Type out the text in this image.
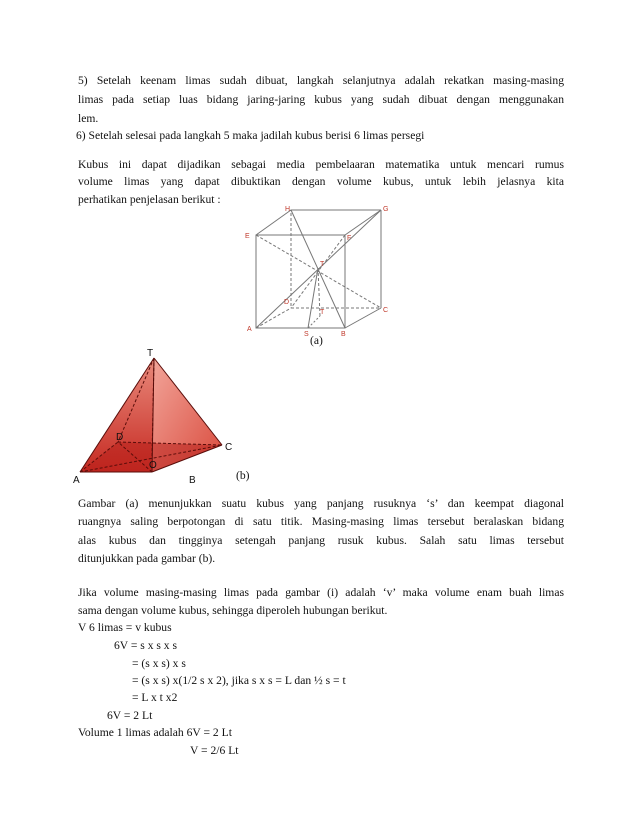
5) Setelah keenam limas sudah dibuat, langkah selanjutnya adalah rekatkan masing-masing
limas pada setiap luas bidang jaring-jaring kubus yang sudah dibuat dengan menggunakan
lem.
6) Setelah selesai pada langkah 5 maka jadilah kubus berisi 6 limas persegi
Kubus ini dapat dijadikan sebagai media pembelaaran matematika untuk mencari rumus
volume limas yang dapat dibuktikan dengan volume kubus, untuk lebih jelasnya kita
perhatikan penjelasan berikut :
H	G
E	F
T
D
C
T
A
S	B
(a)
T
D
C
A
O
B	(b)
Gambar (a) menunjukkan suatu kubus yang panjang rusuknya ‘s’ dan keempat diagonal
ruangnya saling berpotongan di satu titik. Masing-masing limas tersebut beralaskan bidang
alas kubus dan tingginya setengah panjang rusuk kubus. Salah satu limas tersebut
ditunjukkan pada gambar (b).
Jika volume masing-masing limas pada gambar (i) adalah ‘v’ maka volume enam buah limas
sama dengan volume kubus, sehingga diperoleh hubungan berikut.
V 6 limas = v kubus
6V = s x s x s
= (s x s) x s
= (s x s) x(1/2 s x 2), jika s x s = L dan ½ s = t
= L x t x2
6V = 2 Lt
Volume 1 limas adalah 6V = 2 Lt
V = 2/6 Lt
